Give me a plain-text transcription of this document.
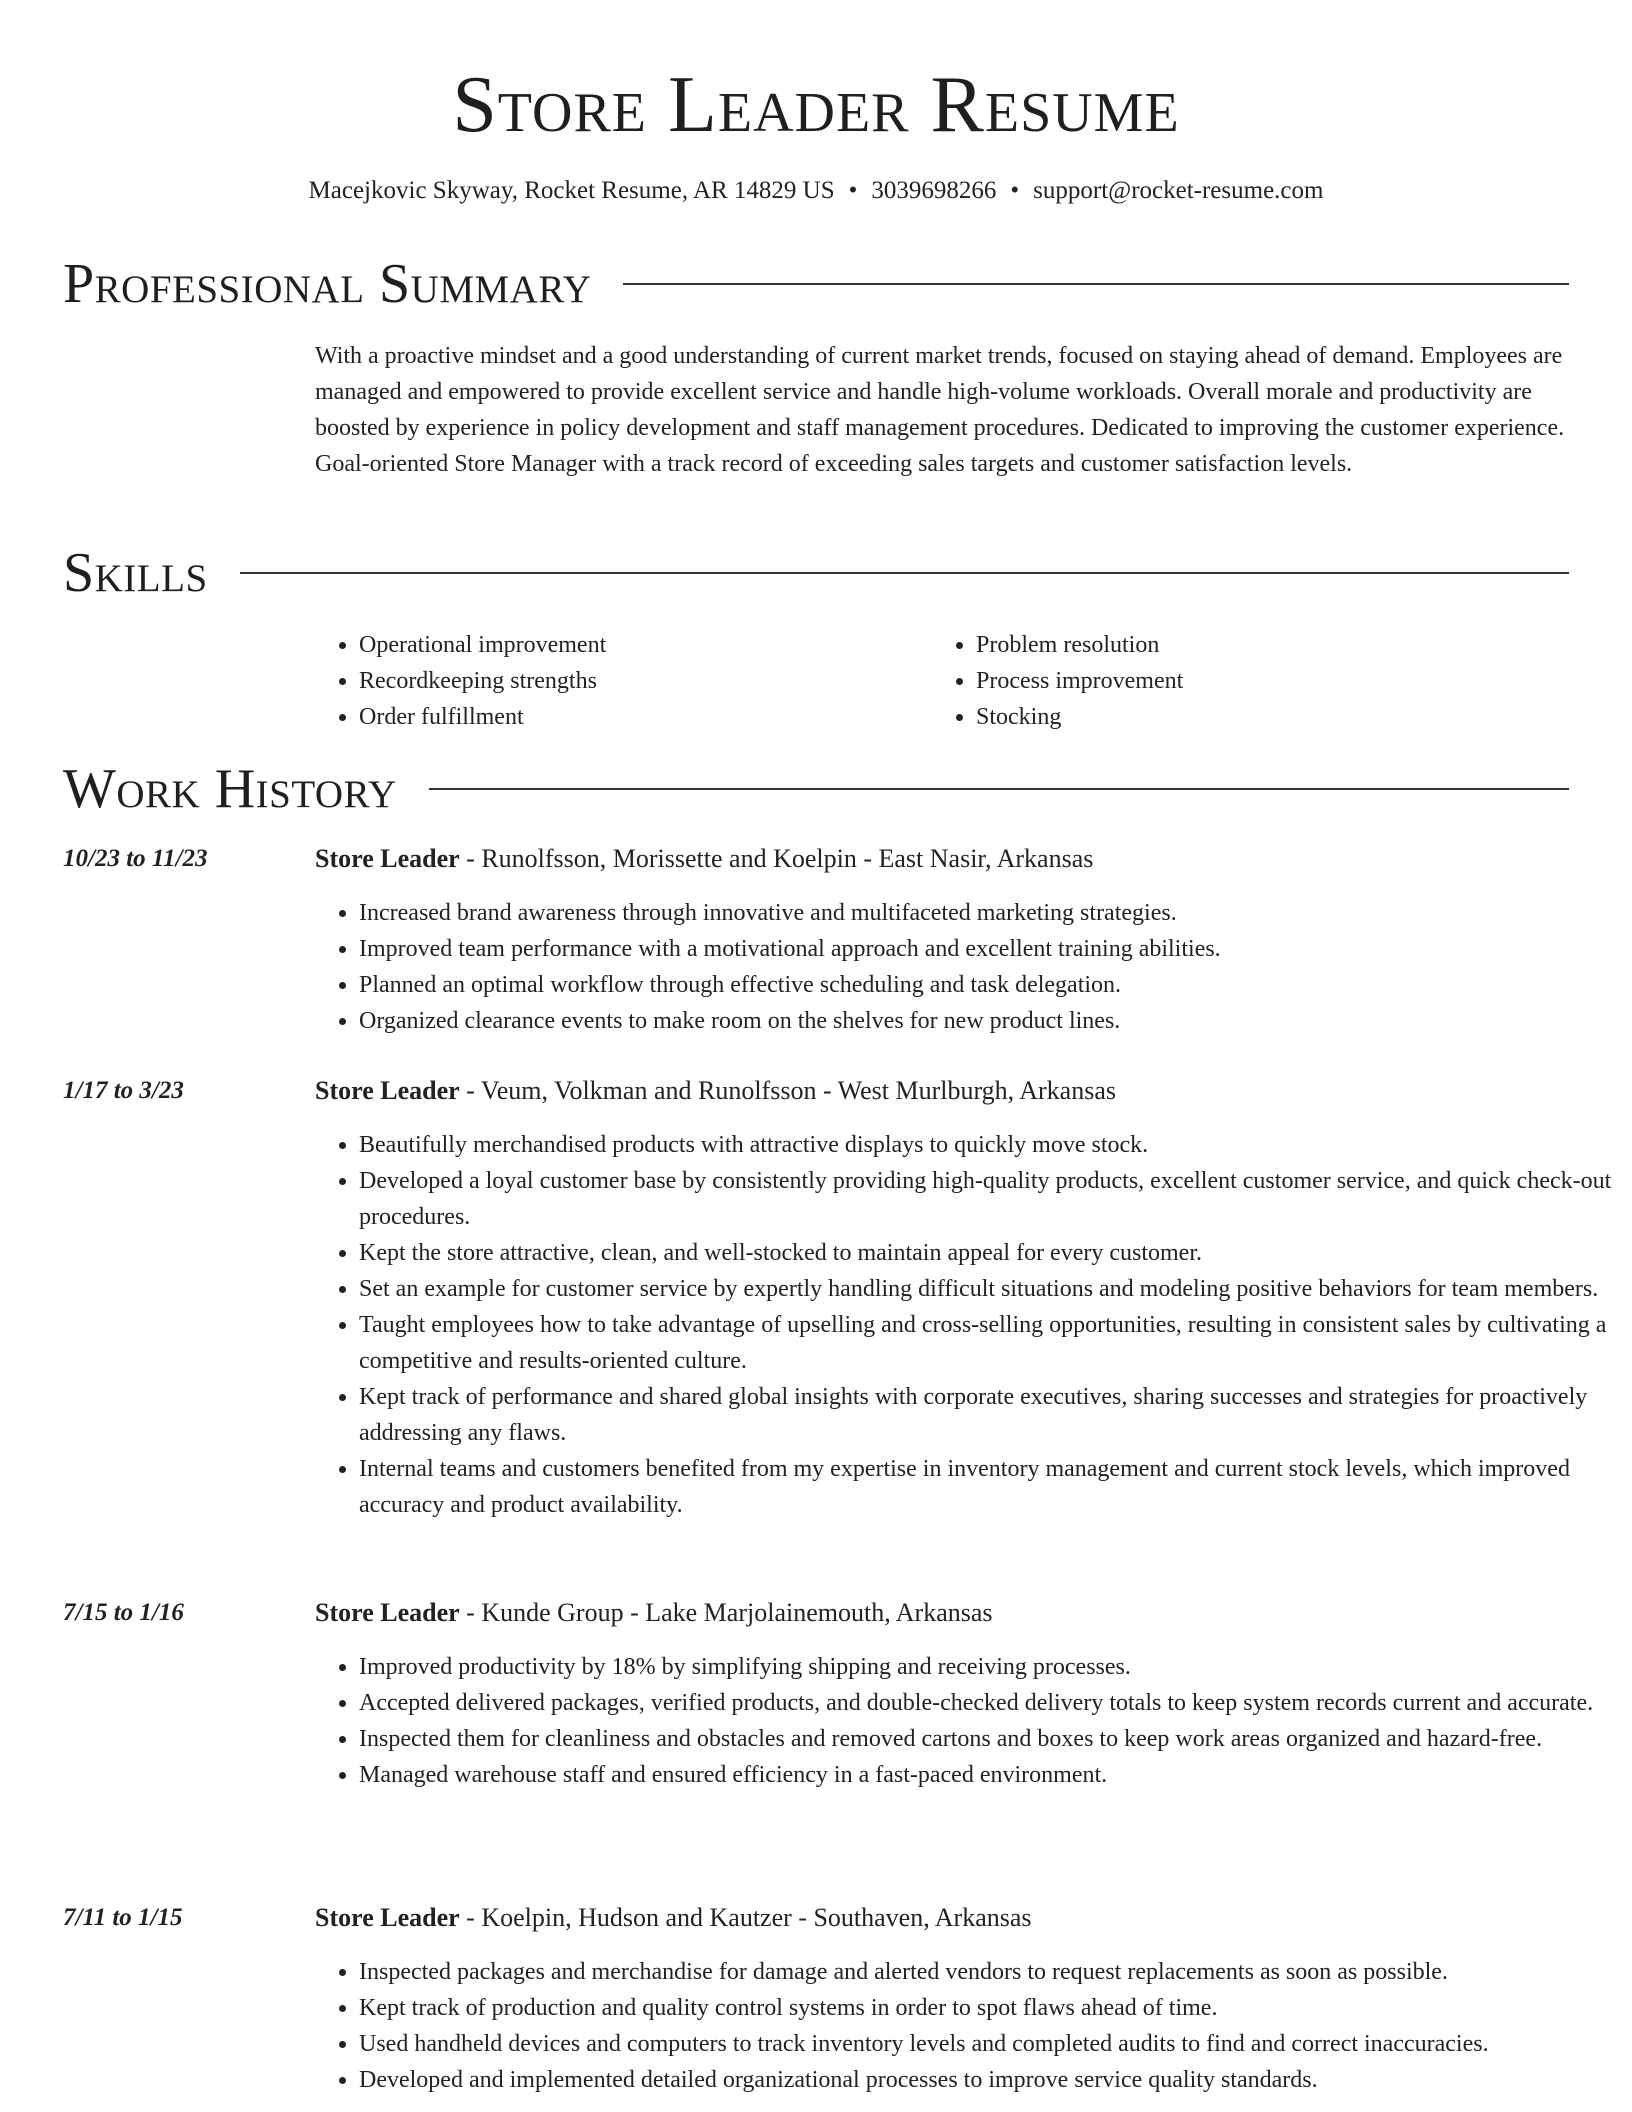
Store Leader Resume
Macejkovic Skyway, Rocket Resume, AR 14829 US • 3039698266 • support@rocket-resume.com
Professional Summary
With a proactive mindset and a good understanding of current market trends, focused on staying ahead of demand. Employees are managed and empowered to provide excellent service and handle high-volume workloads. Overall morale and productivity are boosted by experience in policy development and staff management procedures. Dedicated to improving the customer experience. Goal-oriented Store Manager with a track record of exceeding sales targets and customer satisfaction levels.
Skills
• Operational improvement
• Recordkeeping strengths
• Order fulfillment
• Problem resolution
• Process improvement
• Stocking
Work History
10/23 to 11/23	Store Leader - Runolfsson, Morissette and Koelpin - East Nasir, Arkansas
• Increased brand awareness through innovative and multifaceted marketing strategies.
• Improved team performance with a motivational approach and excellent training abilities.
• Planned an optimal workflow through effective scheduling and task delegation.
• Organized clearance events to make room on the shelves for new product lines.
1/17 to 3/23	Store Leader - Veum, Volkman and Runolfsson - West Murlburgh, Arkansas
• Beautifully merchandised products with attractive displays to quickly move stock.
• Developed a loyal customer base by consistently providing high-quality products, excellent customer service, and quick check-out procedures.
• Kept the store attractive, clean, and well-stocked to maintain appeal for every customer.
• Set an example for customer service by expertly handling difficult situations and modeling positive behaviors for team members.
• Taught employees how to take advantage of upselling and cross-selling opportunities, resulting in consistent sales by cultivating a competitive and results-oriented culture.
• Kept track of performance and shared global insights with corporate executives, sharing successes and strategies for proactively addressing any flaws.
• Internal teams and customers benefited from my expertise in inventory management and current stock levels, which improved accuracy and product availability.
7/15 to 1/16	Store Leader - Kunde Group - Lake Marjolainemouth, Arkansas
• Improved productivity by 18% by simplifying shipping and receiving processes.
• Accepted delivered packages, verified products, and double-checked delivery totals to keep system records current and accurate.
• Inspected them for cleanliness and obstacles and removed cartons and boxes to keep work areas organized and hazard-free.
• Managed warehouse staff and ensured efficiency in a fast-paced environment.
7/11 to 1/15	Store Leader - Koelpin, Hudson and Kautzer - Southaven, Arkansas
• Inspected packages and merchandise for damage and alerted vendors to request replacements as soon as possible.
• Kept track of production and quality control systems in order to spot flaws ahead of time.
• Used handheld devices and computers to track inventory levels and completed audits to find and correct inaccuracies.
• Developed and implemented detailed organizational processes to improve service quality standards.
